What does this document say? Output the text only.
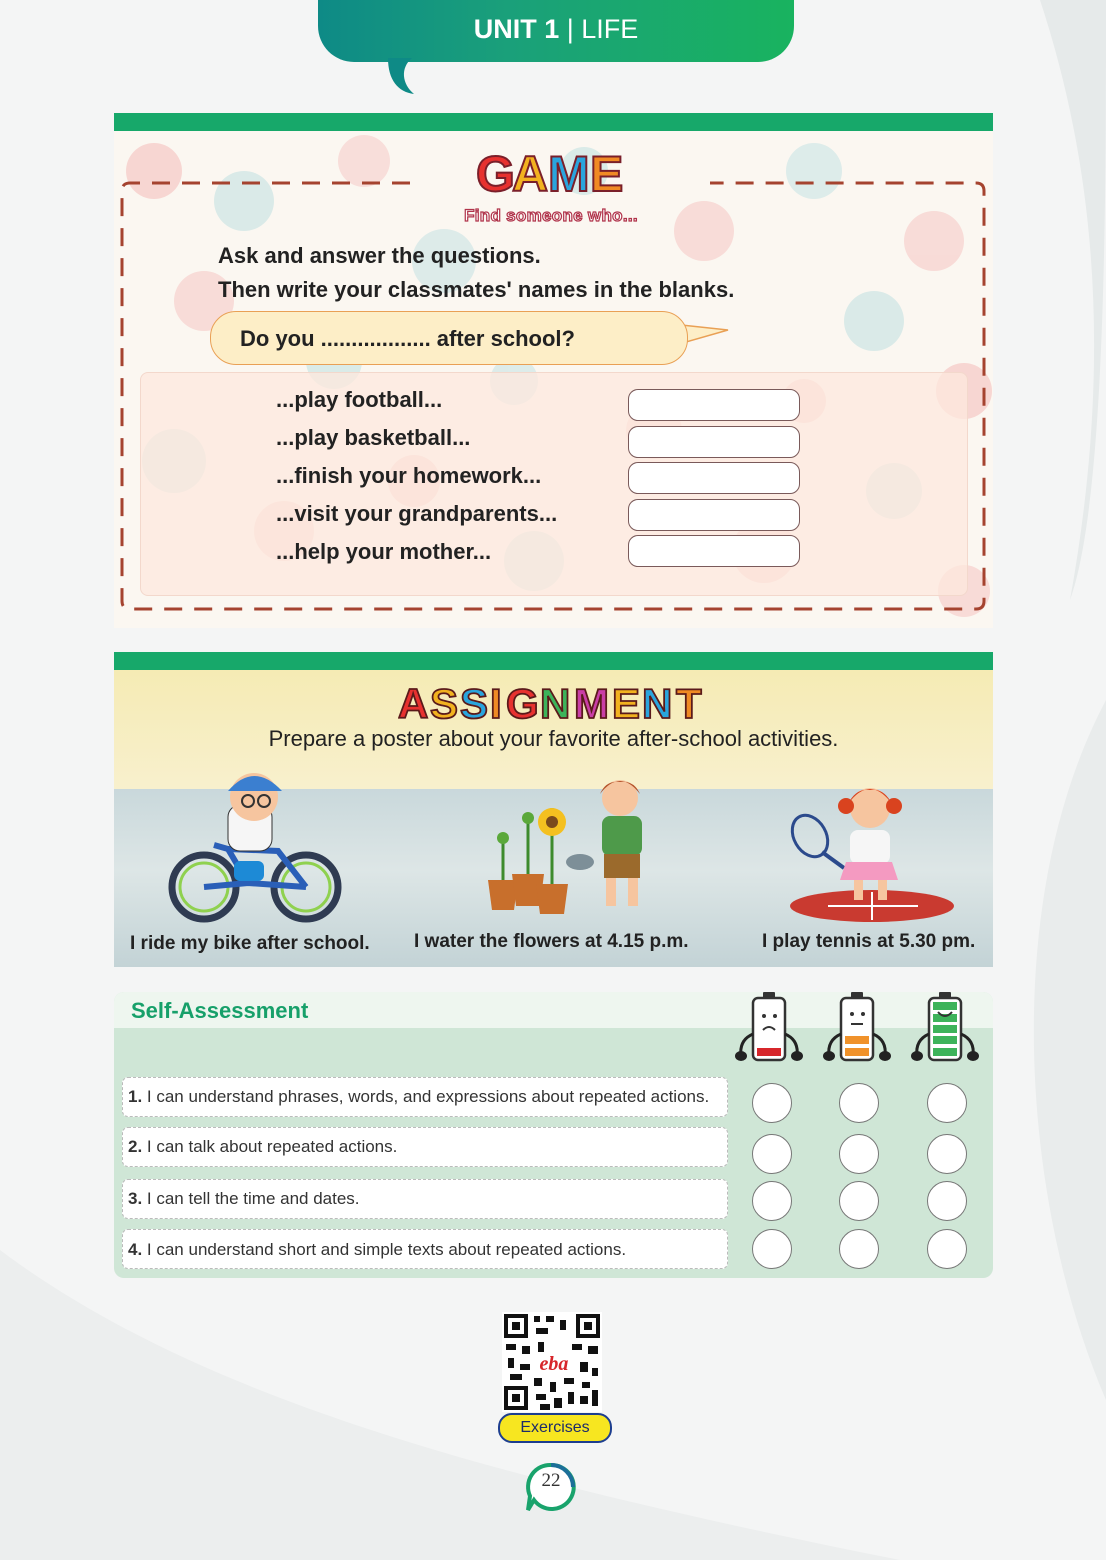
UNIT 1 | LIFE
G
A M E
Find someone who...
Ask and answer the questions.
Then write your classmates' names in the blanks.
Do you .................. after school?
...play football...
...play basketball...
...finish your homework...
...visit your grandparents...
...help your mother...
A S S I G N M E N T
Prepare a poster about your favorite after-school activities.
I ride my bike after school. I water the flowers at 4.15 p.m.	I play tennis at 5.30 pm.
Self-Assessment
1. I can understand phrases, words, and expressions about repeated actions.
2. I can talk about repeated actions.
3. I can tell the time and dates.
4. I can understand short and simple texts about repeated actions.
eba
Exercises
22
